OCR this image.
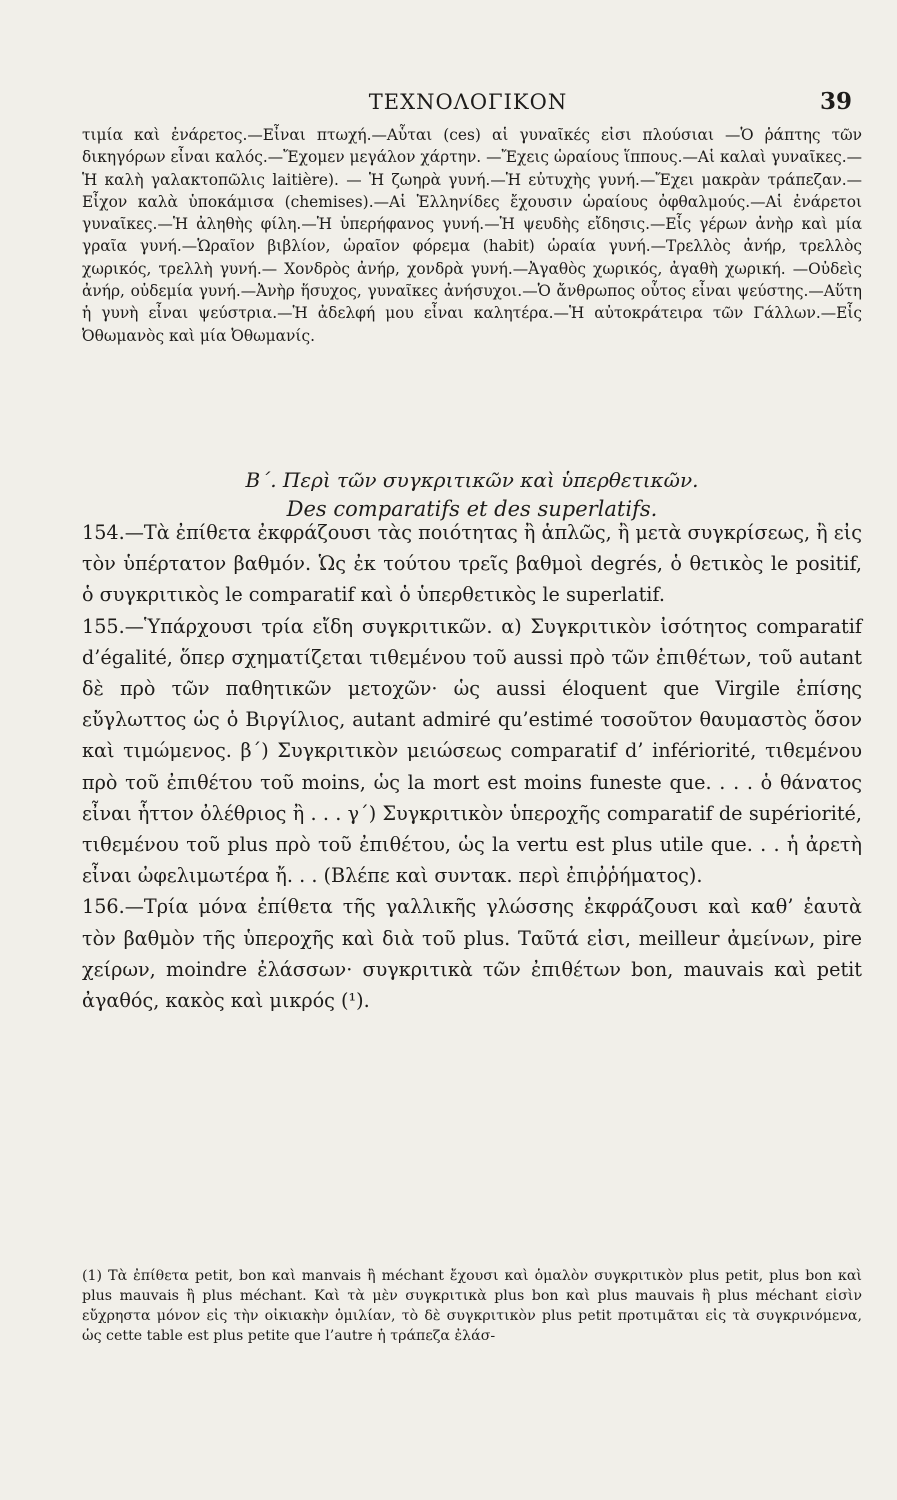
ΤΕΧΝΟΛΟΓΙΚΟΝ	39

τιμία καὶ ἐνάρετος.—Εἶναι πτωχή.—Αὗται (ces) αἱ γυναῖκές εἰσι πλούσιαι —Ὁ ῥάπτης τῶν δικηγόρων εἶναι καλός.—Ἔχομεν μεγάλον χάρτην. —Ἔχεις ὡραίους ἵππους.—Αἱ καλαὶ γυναῖκες.—Ἡ καλὴ γαλακτοπῶλις laitière). — Ἡ ζωηρὰ γυνή.—Ἡ εὐτυχὴς γυνή.—Ἔχει μακρὰν τράπεζαν.— Εἶχον καλὰ ὑποκάμισα (chemises).—Αἱ Ἑλληνίδες ἔχουσιν ὡραίους ὀφθαλμούς.—Αἱ ἐνάρετοι γυναῖκες.—Ἡ ἀληθὴς φίλη.—Ἡ ὑπερήφανος γυνή.—Ἡ ψευδὴς εἴδησις.—Εἷς γέρων ἀνὴρ καὶ μία γραῖα γυνή.—Ὡραῖον βιβλίον, ὡραῖον φόρεμα (habit) ὡραία γυνή.—Τρελλὸς ἀνήρ, τρελλὸς χωρικός, τρελλὴ γυνή.— Χονδρὸς ἀνήρ, χονδρὰ γυνή.—Ἀγαθὸς χωρικός, ἀγαθὴ χωρική. —Οὐδεὶς ἀνήρ, οὐδεμία γυνή.—Ἀνὴρ ἥσυχος, γυναῖκες ἀνήσυχοι.—Ὁ ἄνθρωπος οὗτος εἶναι ψεύστης.—Αὕτη ἡ γυνὴ εἶναι ψεύστρια.—Ἡ ἀδελφή μου εἶναι καλητέρα.—Ἡ αὐτοκράτειρα τῶν Γάλλων.—Εἷς Ὀθωμανὸς καὶ μία Ὀθωμανίς.

Β΄. Περὶ τῶν συγκριτικῶν καὶ ὑπερθετικῶν.
Des comparatifs et des superlatifs.

154.—Τὰ ἐπίθετα ἐκφράζουσι τὰς ποιότητας ἢ ἁπλῶς, ἢ μετὰ συγκρίσεως, ἢ εἰς τὸν ὑπέρτατον βαθμόν. Ὡς ἐκ τούτου τρεῖς βαθμοὶ degrés, ὁ θετικὸς le positif, ὁ συγκριτικὸς le comparatif καὶ ὁ ὑπερθετικὸς le superlatif.

155.—Ὑπάρχουσι τρία εἴδη συγκριτικῶν. α) Συγκριτικὸν ἰσότητος comparatif d’égalité, ὅπερ σχηματίζεται τιθεμένου τοῦ aussi πρὸ τῶν ἐπιθέτων, τοῦ autant δὲ πρὸ τῶν παθητικῶν μετοχῶν· ὡς aussi éloquent que Virgile ἐπίσης εὔγλωττος ὡς ὁ Βιργίλιος, autant admiré qu’estimé τοσοῦτον θαυμαστὸς ὅσον καὶ τιμώμενος. β΄) Συγκριτικὸν μειώσεως comparatif d’ infériorité, τιθεμένου πρὸ τοῦ ἐπιθέτου τοῦ moins, ὡς la mort est moins funeste que. . . . ὁ θάνατος εἶναι ἧττον ὀλέθριος ἢ . . . γ΄) Συγκριτικὸν ὑπεροχῆς comparatif de supériorité, τιθεμένου τοῦ plus πρὸ τοῦ ἐπιθέτου, ὡς la vertu est plus utile que. . . ἡ ἀρετὴ εἶναι ὠφελιμωτέρα ἤ. . . (Βλέπε καὶ συντακ. περὶ ἐπιῤῥήματος).

156.—Τρία μόνα ἐπίθετα τῆς γαλλικῆς γλώσσης ἐκφράζουσι καὶ καθ’ ἑαυτὰ τὸν βαθμὸν τῆς ὑπεροχῆς καὶ διὰ τοῦ plus. Ταῦτά εἰσι, meilleur ἀμείνων, pire χείρων, moindre ἐλάσσων· συγκριτικὰ τῶν ἐπιθέτων bon, mauvais καὶ petit ἀγαθός, κακὸς καὶ μικρός (¹).

(1) Τὰ ἐπίθετα petit, bon καὶ manvais ἢ méchant ἔχουσι καὶ ὁμαλὸν συγκριτικὸν plus petit, plus bon καὶ plus mauvais ἢ plus méchant. Καὶ τὰ μὲν συγκριτικὰ plus bon καὶ plus mauvais ἢ plus méchant εἰσὶν εὔχρηστα μόνον εἰς τὴν οἰκιακὴν ὁμιλίαν, τὸ δὲ συγκριτικὸν plus petit προτιμᾶται εἰς τὰ συγκρινόμενα, ὡς cette table est plus petite que l’autre ἡ τράπεζα ἐλάσ-
